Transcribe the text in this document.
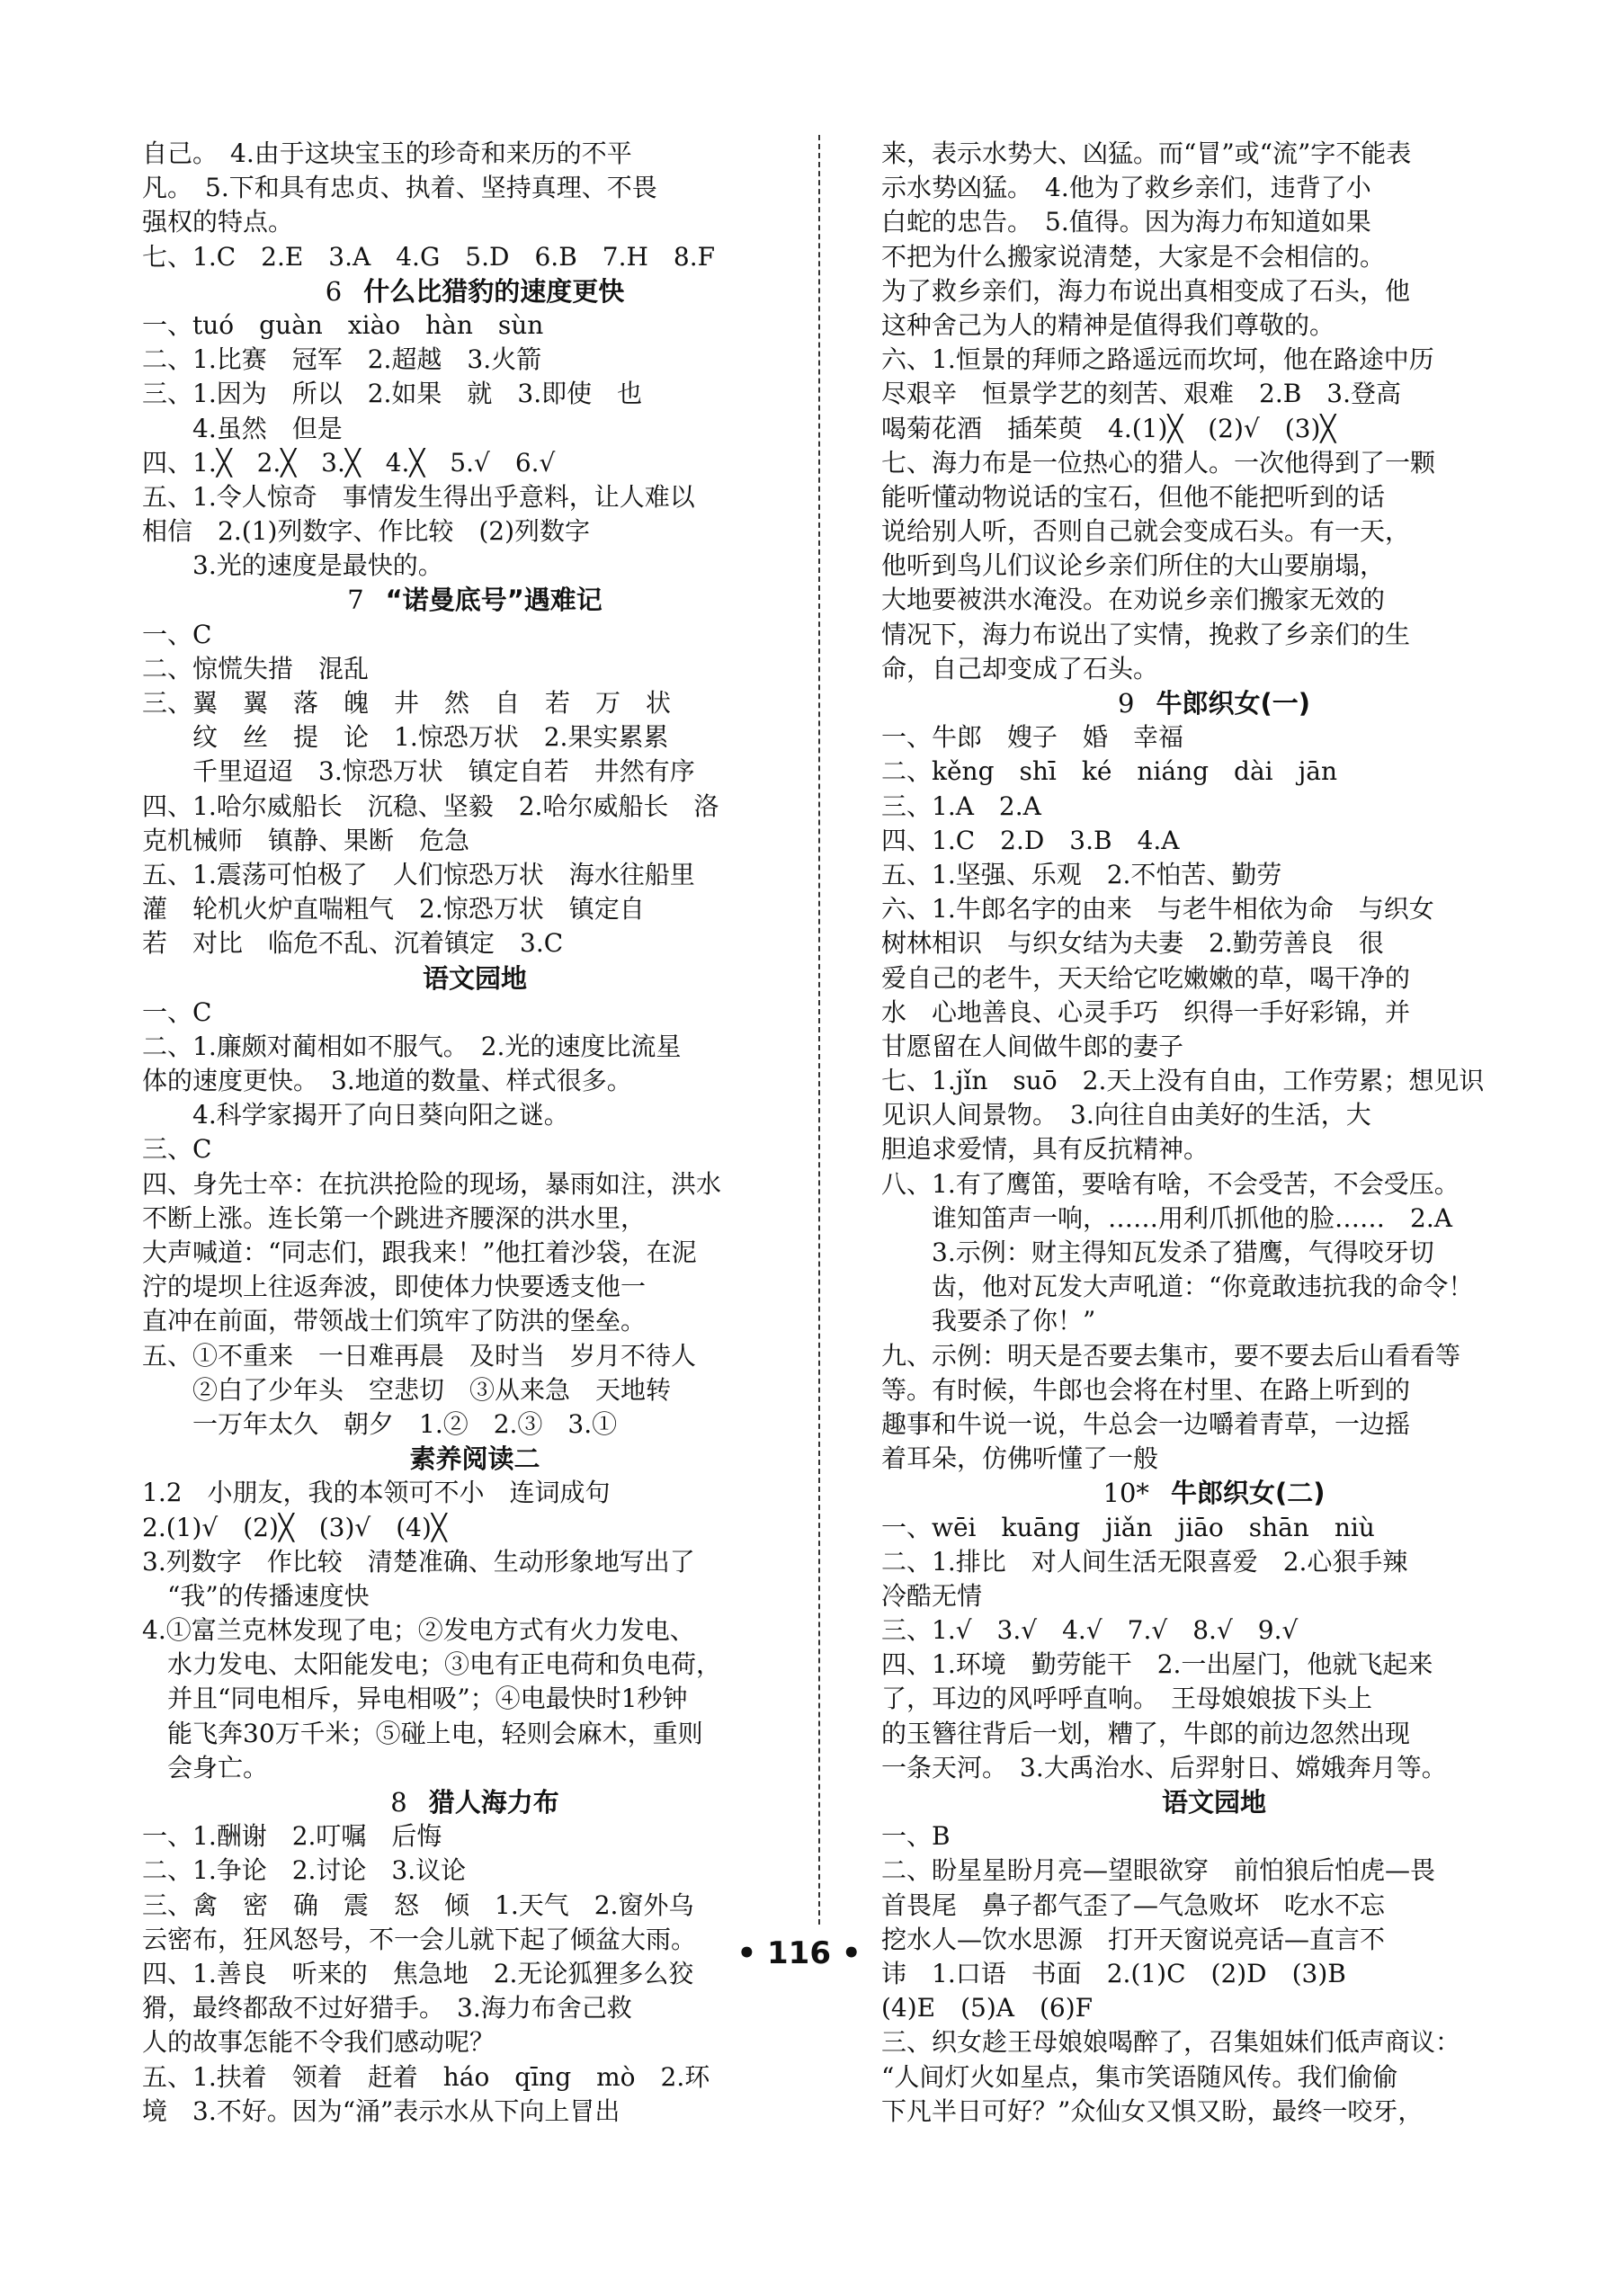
自己。　4.由于这块宝玉的珍奇和来历的不平
凡。　5.下和具有忠贞、执着、坚持真理、不畏
强权的特点。
七、1.C　2.E　3.A　4.G　5.D　6.B　7.H　8.F
6 什么比猎豹的速度更快
一、tuó　guàn　xiào　hàn　sùn
二、1.比赛　冠军　2.超越　3.火箭
三、1.因为　所以　2.如果　就　3.即使　也
　　4.虽然　但是
四、1.╳　2.╳　3.╳　4.╳　5.√　6.√
五、1.令人惊奇　事情发生得出乎意料，让人难以
相信　2.(1)列数字、作比较　(2)列数字
　　3.光的速度是最快的。
7 “诺曼底号”遇难记
一、C
二、惊慌失措　混乱
三、翼　翼　落　魄　井　然　自　若　万　状
　　纹　丝　提　论　1.惊恐万状　2.果实累累
　　千里迢迢　3.惊恐万状　镇定自若　井然有序
四、1.哈尔威船长　沉稳、坚毅　2.哈尔威船长　洛
克机械师　镇静、果断　危急
五、1.震荡可怕极了　人们惊恐万状　海水往船里
灌　轮机火炉直喘粗气　2.惊恐万状　镇定自
若　对比　临危不乱、沉着镇定　3.C
语文园地
一、C
二、1.廉颇对蔺相如不服气。　2.光的速度比流星
体的速度更快。　3.地道的数量、样式很多。
　　4.科学家揭开了向日葵向阳之谜。
三、C
四、身先士卒：在抗洪抢险的现场，暴雨如注，洪水
不断上涨。连长第一个跳进齐腰深的洪水里，
大声喊道：“同志们，跟我来！”他扛着沙袋，在泥
泞的堤坝上往返奔波，即使体力快要透支他一
直冲在前面，带领战士们筑牢了防洪的堡垒。
五、①不重来　一日难再晨　及时当　岁月不待人
　　②白了少年头　空悲切　③从来急　天地转
　　一万年太久　朝夕　1.②　2.③　3.①
素养阅读二
1.2　小朋友，我的本领可不小　连词成句
2.(1)√　(2)╳　(3)√　(4)╳
3.列数字　作比较　清楚准确、生动形象地写出了
　“我”的传播速度快
4.①富兰克林发现了电；②发电方式有火力发电、
　水力发电、太阳能发电；③电有正电荷和负电荷，
　并且“同电相斥，异电相吸”；④电最快时1秒钟
　能飞奔30万千米；⑤碰上电，轻则会麻木，重则
　会身亡。
8 猎人海力布
一、1.酬谢　2.叮嘱　后悔
二、1.争论　2.讨论　3.议论
三、禽　密　确　震　怒　倾　1.天气　2.窗外乌
云密布，狂风怒号，不一会儿就下起了倾盆大雨。
四、1.善良　听来的　焦急地　2.无论狐狸多么狡
猾，最终都敌不过好猎手。　3.海力布舍己救
人的故事怎能不令我们感动呢？
五、1.扶着　领着　赶着　háo　qīng　mò　2.环
境　3.不好。因为“涌”表示水从下向上冒出
来，表示水势大、凶猛。而“冒”或“流”字不能表
示水势凶猛。　4.他为了救乡亲们，违背了小
白蛇的忠告。　5.值得。因为海力布知道如果
不把为什么搬家说清楚，大家是不会相信的。
为了救乡亲们，海力布说出真相变成了石头，他
这种舍己为人的精神是值得我们尊敬的。
六、1.恒景的拜师之路遥远而坎坷，他在路途中历
尽艰辛　恒景学艺的刻苦、艰难　2.B　3.登高
喝菊花酒　插茱萸　4.(1)╳　(2)√　(3)╳
七、海力布是一位热心的猎人。一次他得到了一颗
能听懂动物说话的宝石，但他不能把听到的话
说给别人听，否则自己就会变成石头。有一天，
他听到鸟儿们议论乡亲们所住的大山要崩塌，
大地要被洪水淹没。在劝说乡亲们搬家无效的
情况下，海力布说出了实情，挽救了乡亲们的生
命，自己却变成了石头。
9 牛郎织女(一)
一、牛郎　嫂子　婚　幸福
二、kěng　shī　ké　niáng　dài　jān
三、1.A　2.A
四、1.C　2.D　3.B　4.A
五、1.坚强、乐观　2.不怕苦、勤劳
六、1.牛郎名字的由来　与老牛相依为命　与织女
树林相识　与织女结为夫妻　2.勤劳善良　很
爱自己的老牛，天天给它吃嫩嫩的草，喝干净的
水　心地善良、心灵手巧　织得一手好彩锦，并
甘愿留在人间做牛郎的妻子
七、1.jǐn　suō　2.天上没有自由，工作劳累；想见识
见识人间景物。　3.向往自由美好的生活，大
胆追求爱情，具有反抗精神。
八、1.有了鹰笛，要啥有啥，不会受苦，不会受压。
　　谁知笛声一响，……用利爪抓他的脸……　2.A
　　3.示例：财主得知瓦发杀了猎鹰，气得咬牙切
　　齿，他对瓦发大声吼道：“你竟敢违抗我的命令！
　　我要杀了你！”
九、示例：明天是否要去集市，要不要去后山看看等
等。有时候，牛郎也会将在村里、在路上听到的
趣事和牛说一说，牛总会一边嚼着青草，一边摇
着耳朵，仿佛听懂了一般
10* 牛郎织女(二)
一、wēi　kuāng　jiǎn　jiāo　shān　niù
二、1.排比　对人间生活无限喜爱　2.心狠手辣
冷酷无情
三、1.√　3.√　4.√　7.√　8.√　9.√
四、1.环境　勤劳能干　2.一出屋门，他就飞起来
了，耳边的风呼呼直响。　王母娘娘拔下头上
的玉簪往背后一划，糟了，牛郎的前边忽然出现
一条天河。　3.大禹治水、后羿射日、嫦娥奔月等。
语文园地
一、B
二、盼星星盼月亮—望眼欲穿　前怕狼后怕虎—畏
首畏尾　鼻子都气歪了—气急败坏　吃水不忘
挖水人—饮水思源　打开天窗说亮话—直言不
讳　1.口语　书面　2.(1)C　(2)D　(3)B
(4)E　(5)A　(6)F
三、织女趁王母娘娘喝醉了，召集姐妹们低声商议：
“人间灯火如星点，集市笑语随风传。我们偷偷
下凡半日可好？”众仙女又惧又盼，最终一咬牙，
• 116 •
